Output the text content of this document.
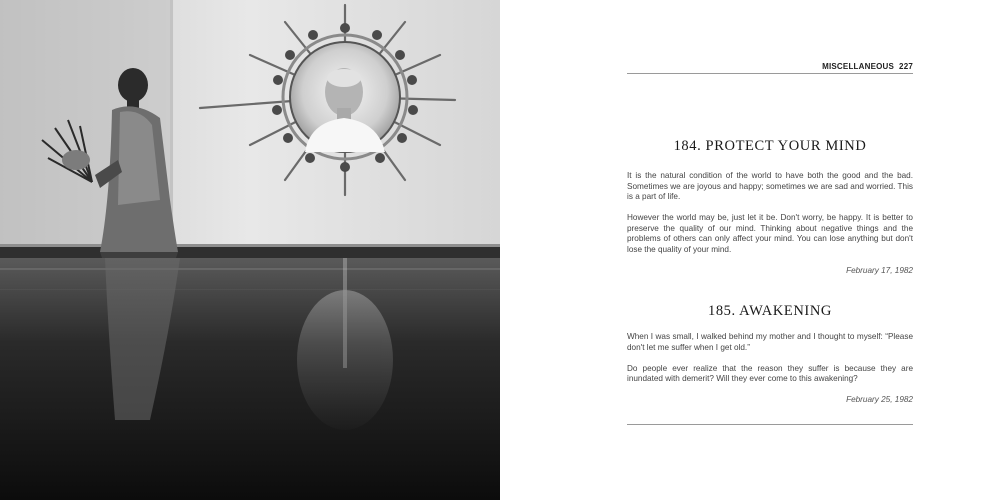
MISCELLANEOUS 227
184. PROTECT YOUR MIND

It is the natural condition of the world to have both the good and the bad. Sometimes we are joyous and happy; sometimes we are sad and worried. This is a part of life.

However the world may be, just let it be. Don't worry, be happy. It is better to preserve the quality of our mind. Thinking about negative things and the problems of others can only affect your mind. You can lose anything but don't lose the quality of your mind.

February 17, 1982
185. AWAKENING

When I was small, I walked behind my mother and I thought to myself: “Please don't let me suffer when I get old.”

Do people ever realize that the reason they suffer is because they are inundated with demerit? Will they ever come to this awakening?

February 25, 1982
